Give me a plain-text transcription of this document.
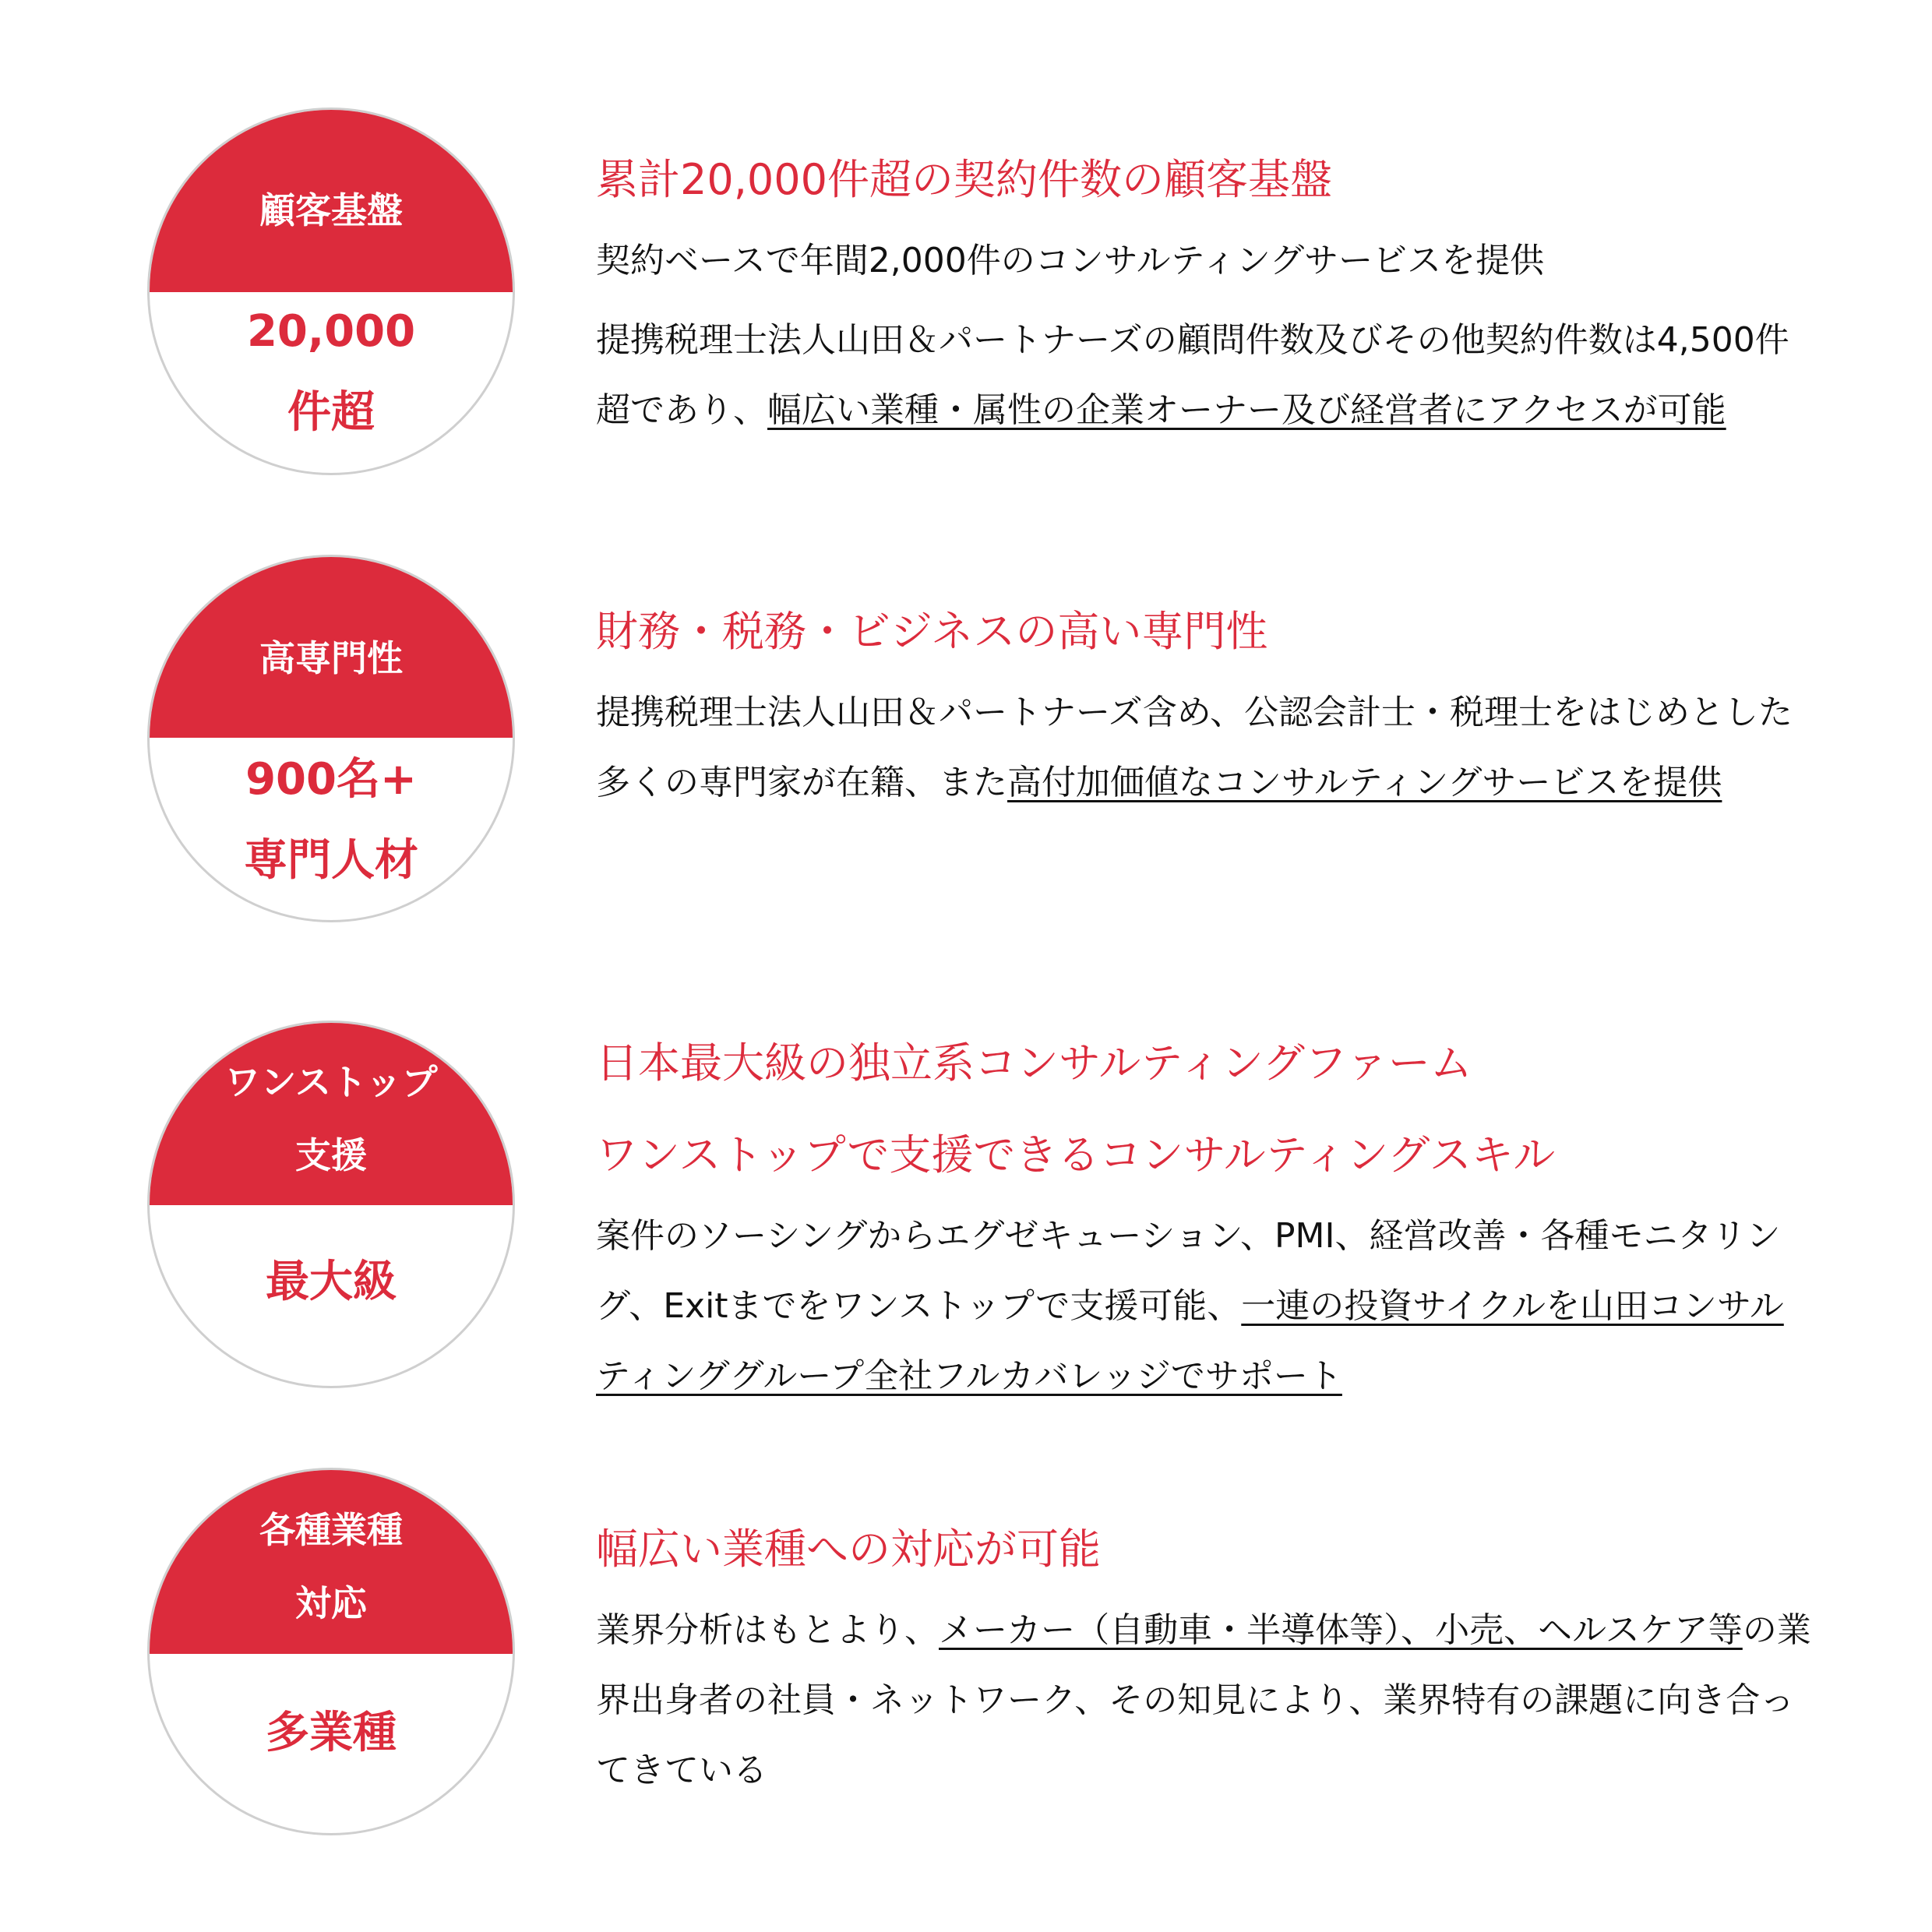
顧客基盤
20,000
件超
累計20,000件超の契約件数の顧客基盤
契約ベースで年間2,000件のコンサルティングサービスを提供
提携税理士法人山田＆パートナーズの顧問件数及びその他契約件数は4,500件超であり、幅広い業種・属性の企業オーナー及び経営者にアクセスが可能
高専門性
900名+
専門人材
財務・税務・ビジネスの高い専門性
提携税理士法人山田＆パートナーズ含め、公認会計士・税理士をはじめとした多くの専門家が在籍、また高付加価値なコンサルティングサービスを提供
ワンストップ
支援
最大級
日本最大級の独立系コンサルティングファーム
ワンストップで支援できるコンサルティングスキル
案件のソーシングからエグゼキューション、PMI、経営改善・各種モニタリング、Exitまでをワンストップで支援可能、一連の投資サイクルを山田コンサルティンググループ全社フルカバレッジでサポート
各種業種
対応
多業種
幅広い業種への対応が可能
業界分析はもとより、メーカー（自動車・半導体等）、小売、ヘルスケア等の業界出身者の社員・ネットワーク、その知見により、業界特有の課題に向き合ってきている
